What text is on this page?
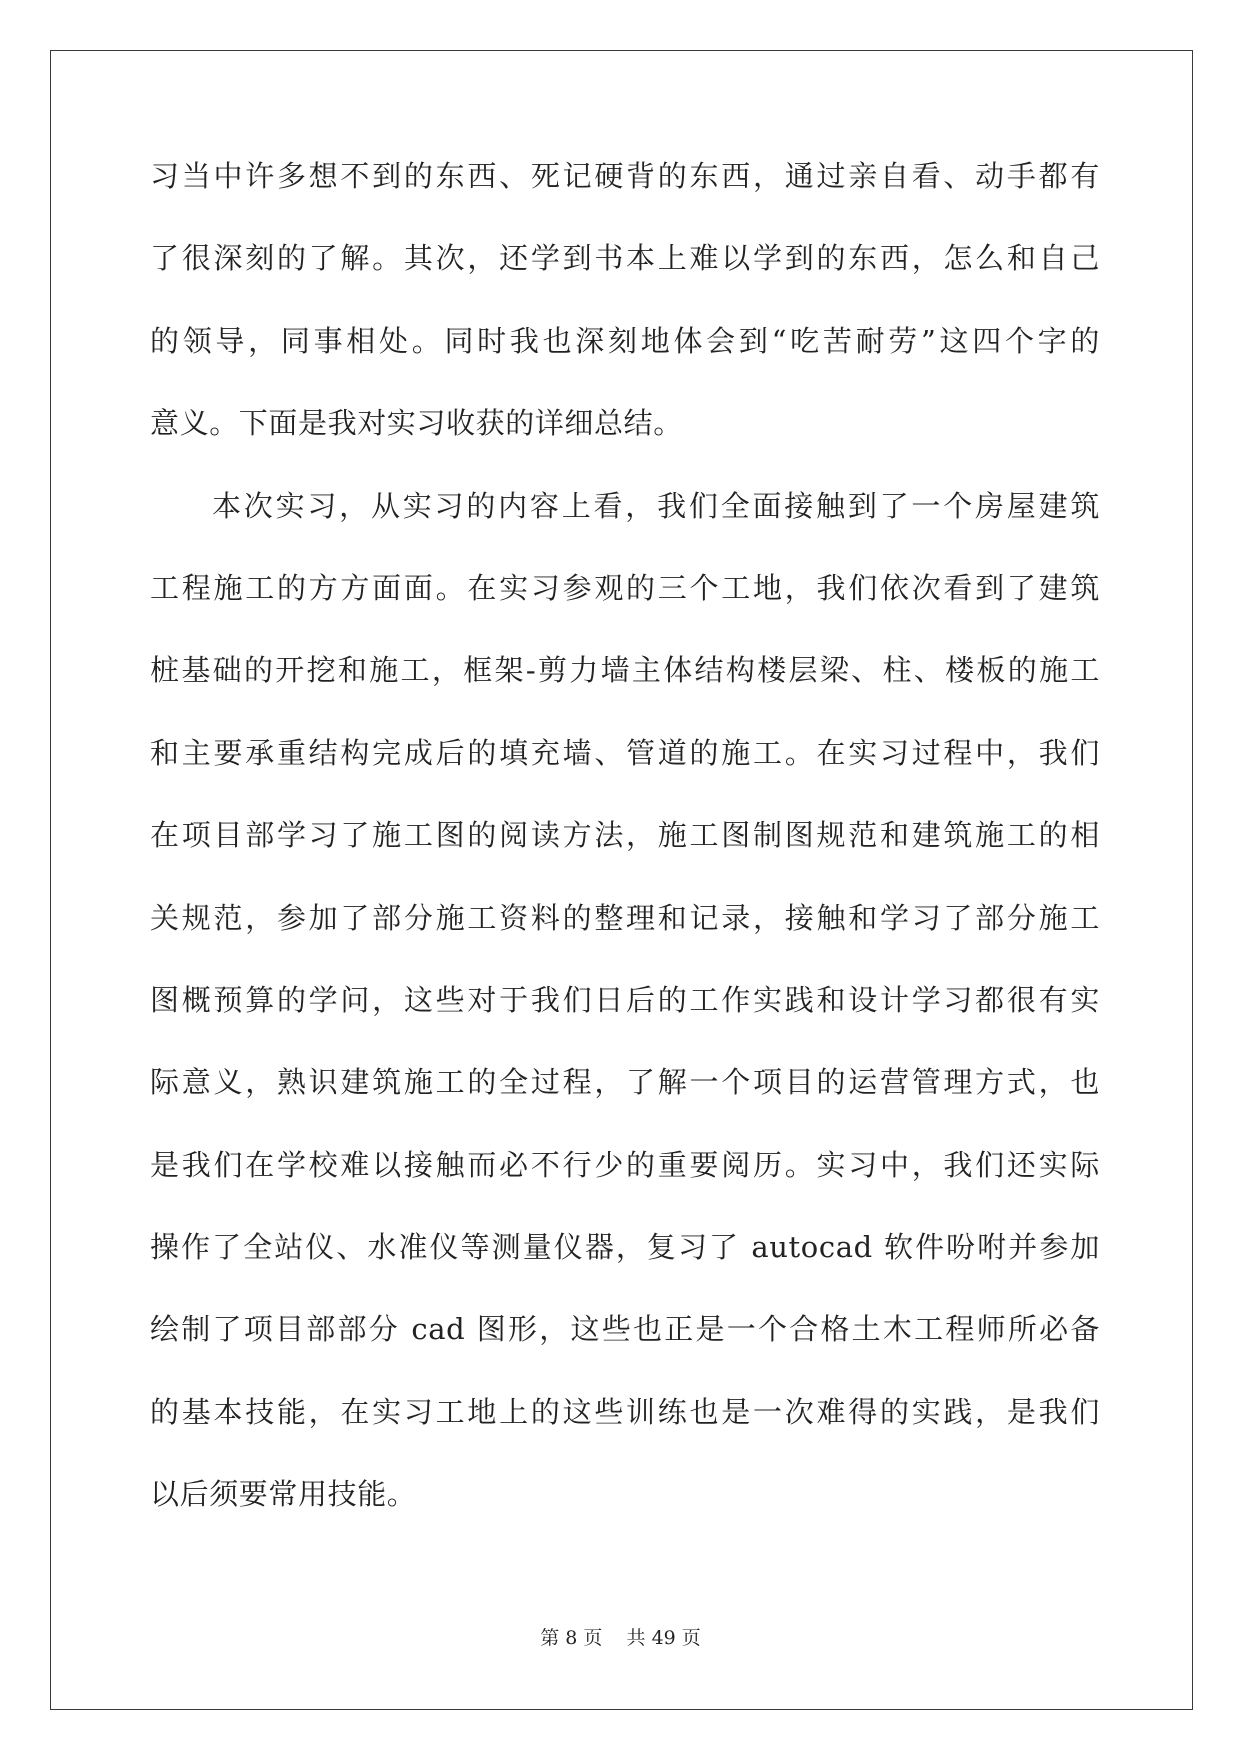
习当中许多想不到的东西、死记硬背的东西，通过亲自看、动手都有
了很深刻的了解。其次，还学到书本上难以学到的东西，怎么和自己
的领导，同事相处。同时我也深刻地体会到“吃苦耐劳”这四个字的
意义。下面是我对实习收获的详细总结。
本次实习，从实习的内容上看，我们全面接触到了一个房屋建筑
工程施工的方方面面。在实习参观的三个工地，我们依次看到了建筑
桩基础的开挖和施工，框架-剪力墙主体结构楼层梁、柱、楼板的施工
和主要承重结构完成后的填充墙、管道的施工。在实习过程中，我们
在项目部学习了施工图的阅读方法，施工图制图规范和建筑施工的相
关规范，参加了部分施工资料的整理和记录，接触和学习了部分施工
图概预算的学问，这些对于我们日后的工作实践和设计学习都很有实
际意义，熟识建筑施工的全过程，了解一个项目的运营管理方式，也
是我们在学校难以接触而必不行少的重要阅历。实习中，我们还实际
操作了全站仪、水准仪等测量仪器，复习了 autocad 软件吩咐并参加
绘制了项目部部分 cad 图形，这些也正是一个合格土木工程师所必备
的基本技能，在实习工地上的这些训练也是一次难得的实践，是我们
以后须要常用技能。
第 8 页 共 49 页
